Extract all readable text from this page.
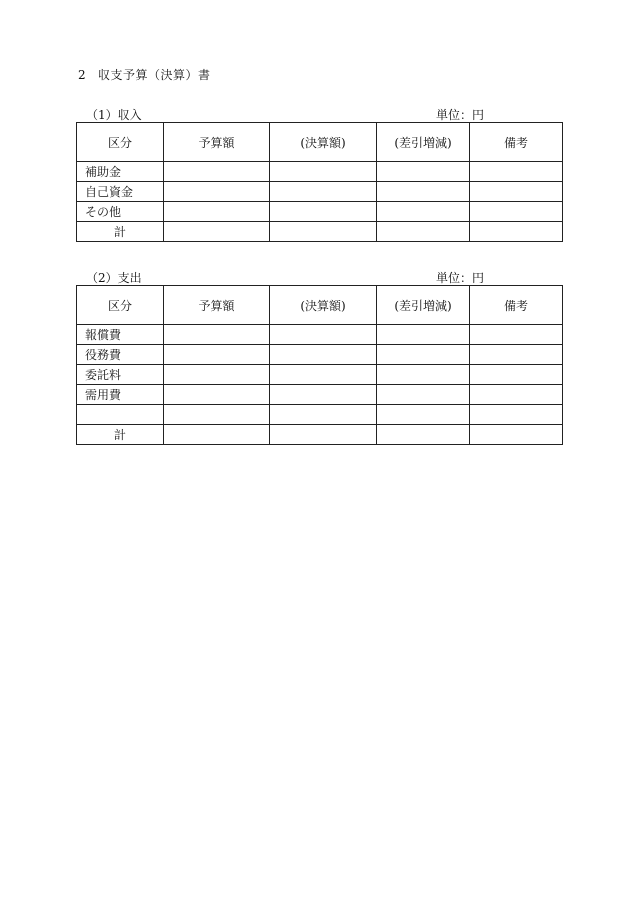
2 収支予算（決算）書
（1）収入	単位：円
区分	予算額	(決算額)	(差引増減)	備考
補助金				
自己資金				
その他				
計				
（2）支出	単位：円
区分	予算額	(決算額)	(差引増減)	備考
報償費				
役務費				
委託料				
需用費				

計				
